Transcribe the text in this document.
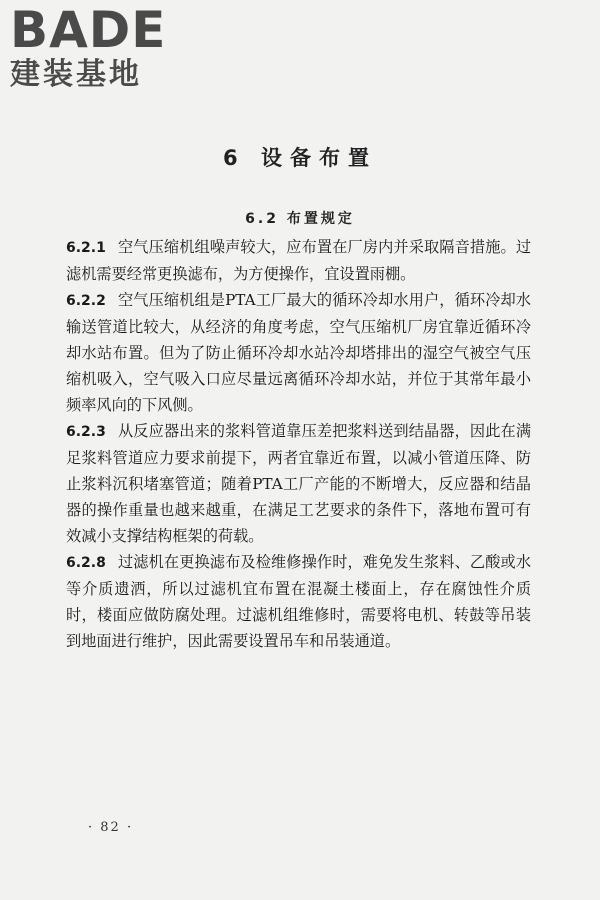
BADE
建装基地
6 设备布置
6.2 布置规定

6.2.1 空气压缩机组噪声较大，应布置在厂房内并采取隔音措施。过滤机需要经常更换滤布，为方便操作，宜设置雨棚。

6.2.2 空气压缩机组是PTA工厂最大的循环冷却水用户，循环冷却水输送管道比较大，从经济的角度考虑，空气压缩机厂房宜靠近循环冷却水站布置。但为了防止循环冷却水站冷却塔排出的湿空气被空气压缩机吸入，空气吸入口应尽量远离循环冷却水站，并位于其常年最小频率风向的下风侧。

6.2.3 从反应器出来的浆料管道靠压差把浆料送到结晶器，因此在满足浆料管道应力要求前提下，两者宜靠近布置，以减小管道压降、防止浆料沉积堵塞管道；随着PTA工厂产能的不断增大，反应器和结晶器的操作重量也越来越重，在满足工艺要求的条件下，落地布置可有效减小支撑结构框架的荷载。

6.2.8 过滤机在更换滤布及检维修操作时，难免发生浆料、乙酸或水等介质遗洒，所以过滤机宜布置在混凝土楼面上，存在腐蚀性介质时，楼面应做防腐处理。过滤机组维修时，需要将电机、转鼓等吊装到地面进行维护，因此需要设置吊车和吊装通道。

· 82 ·
